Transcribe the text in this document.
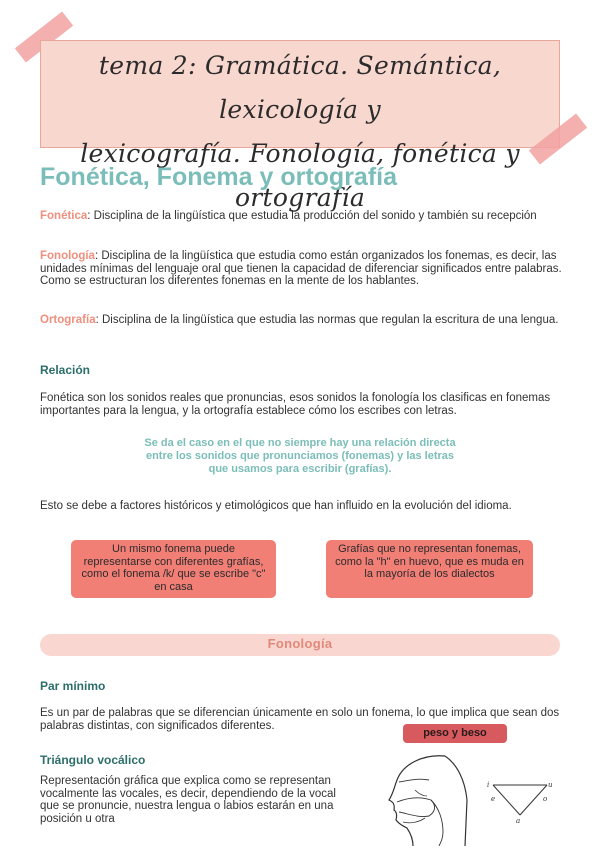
tema 2: Gramática. Semántica, lexicología y
lexicografía. Fonología, fonética y ortografía
Fonética, Fonema y ortografía
Fonética: Disciplina de la lingüística que estudia la producción del sonido y también su recepción
Fonología: Disciplina de la lingüística que estudia como están organizados los fonemas, es decir, las unidades mínimas del lenguaje oral que tienen la capacidad de diferenciar significados entre palabras. Como se estructuran los diferentes fonemas en la mente de los hablantes.
Ortografía: Disciplina de la lingüística que estudia las normas que regulan la escritura de una lengua.
Relación
Fonética son los sonidos reales que pronuncias, esos sonidos la fonología los clasificas en fonemas importantes para la lengua, y la ortografía establece cómo los escribes con letras.
Se da el caso en el que no siempre hay una relación directa
entre los sonidos que pronunciamos (fonemas) y las letras
que usamos para escribir (grafías).
Esto se debe a factores históricos y etimológicos que han influido en la evolución del idioma.
Un mismo fonema puede representarse con diferentes grafías, como el fonema /k/ que se escribe "c" en casa
Grafías que no representan fonemas, como la "h" en huevo, que es muda en la mayoría de los dialectos
Fonología
Par mínimo
Es un par de palabras que se diferencian únicamente en solo un fonema, lo que implica que sean dos palabras distintas, con significados diferentes.
peso y beso
Triángulo vocálico
Representación gráfica que explica como se representan vocalmente las vocales, es decir, dependiendo de la vocal que se pronuncie, nuestra lengua o labios estarán en una posición u otra
i	u
e	o
a
